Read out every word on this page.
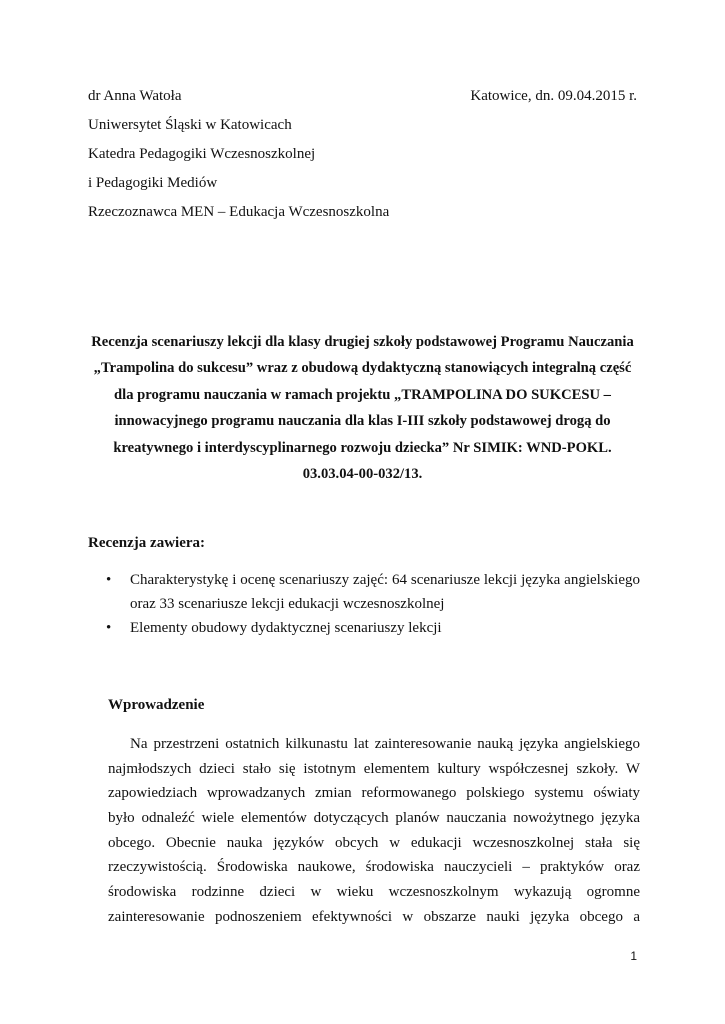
dr Anna Watoła	Katowice, dn. 09.04.2015 r.
Uniwersytet Śląski w Katowicach
Katedra Pedagogiki Wczesnoszkolnej
i Pedagogiki Mediów
Rzeczoznawca MEN – Edukacja Wczesnoszkolna
Recenzja scenariuszy lekcji dla klasy drugiej szkoły podstawowej Programu Nauczania
„Trampolina do sukcesu” wraz z obudową dydaktyczną stanowiących integralną część
dla programu nauczania w ramach projektu „TRAMPOLINA DO SUKCESU –
innowacyjnego programu nauczania dla klas I-III szkoły podstawowej drogą do
kreatywnego i interdyscyplinarnego rozwoju dziecka” Nr SIMIK: WND-POKL.
03.03.04-00-032/13.
Recenzja zawiera:
•	Charakterystykę i ocenę scenariuszy zajęć: 64 scenariusze lekcji języka angielskiego
oraz 33 scenariusze lekcji edukacji wczesnoszkolnej
•	Elementy obudowy dydaktycznej scenariuszy lekcji
Wprowadzenie
Na przestrzeni ostatnich kilkunastu lat zainteresowanie nauką języka angielskiego
najmłodszych dzieci stało się istotnym elementem kultury współczesnej szkoły. W
zapowiedziach wprowadzanych zmian reformowanego polskiego systemu oświaty
było odnaleźć wiele elementów dotyczących planów nauczania nowożytnego języka
obcego. Obecnie nauka języków obcych w edukacji wczesnoszkolnej stała się
rzeczywistością. Środowiska naukowe, środowiska nauczycieli – praktyków oraz
środowiska rodzinne dzieci w wieku wczesnoszkolnym wykazują ogromne
zainteresowanie podnoszeniem efektywności w obszarze nauki języka obcego a
1
